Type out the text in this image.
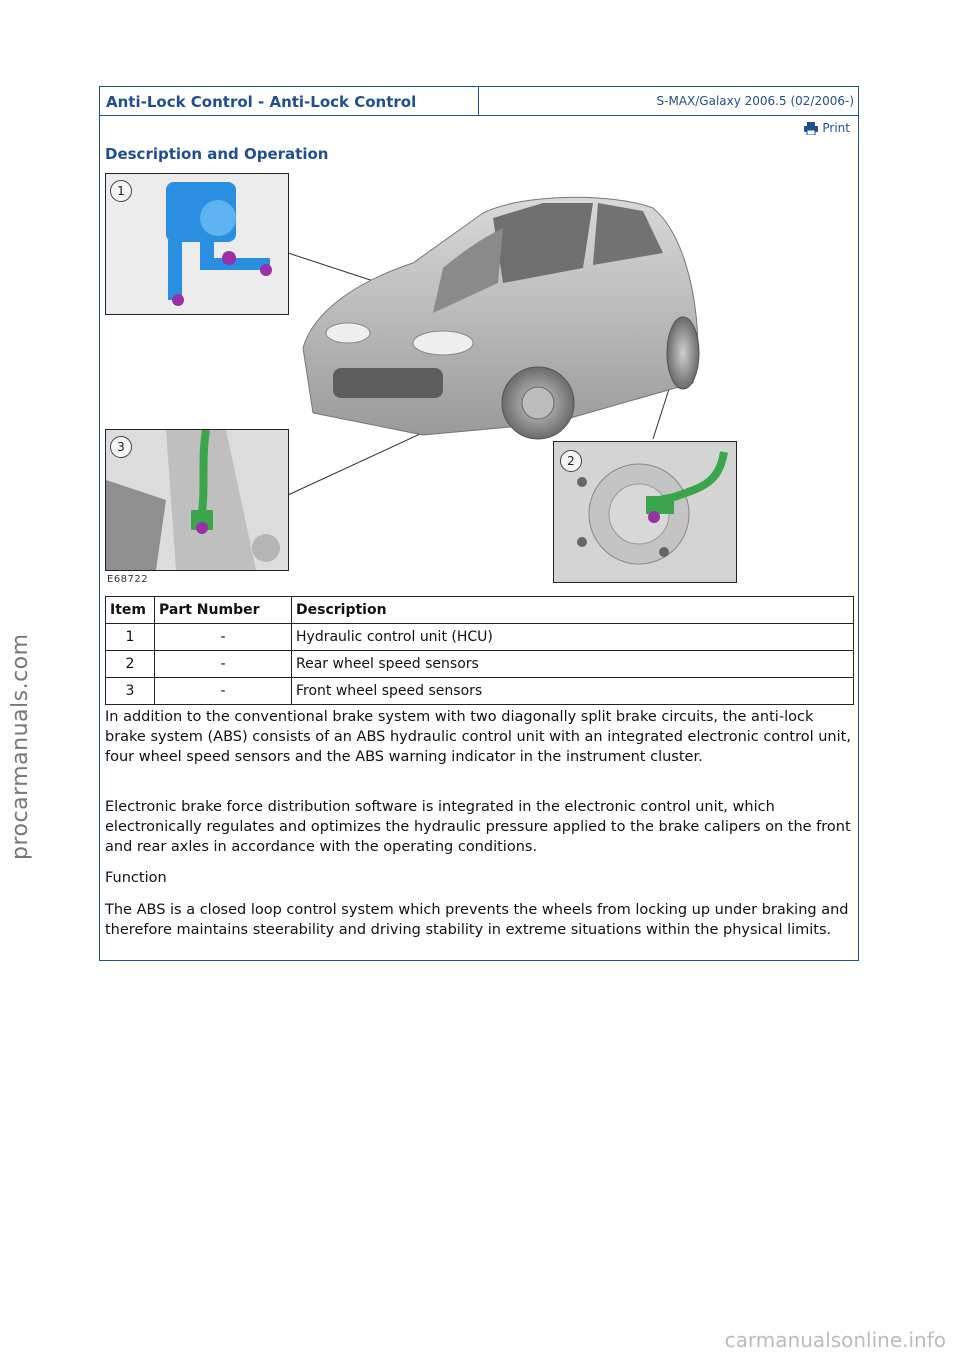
Anti-Lock Control - Anti-Lock Control	S-MAX/Galaxy 2006.5 (02/2006-)
Print
Description and Operation
1
3
2
E68722
Item	Part Number	Description
1	-	Hydraulic control unit (HCU)
2	-	Rear wheel speed sensors
3	-	Front wheel speed sensors

In addition to the conventional brake system with two diagonally split brake circuits, the anti-lock brake system (ABS) consists of an ABS hydraulic control unit with an integrated electronic control unit, four wheel speed sensors and the ABS warning indicator in the instrument cluster.

Electronic brake force distribution software is integrated in the electronic control unit, which electronically regulates and optimizes the hydraulic pressure applied to the brake calipers on the front and rear axles in accordance with the operating conditions.

Function

The ABS is a closed loop control system which prevents the wheels from locking up under braking and therefore maintains steerability and driving stability in extreme situations within the physical limits.

procarmanuals.com
carmanualsonline.info
